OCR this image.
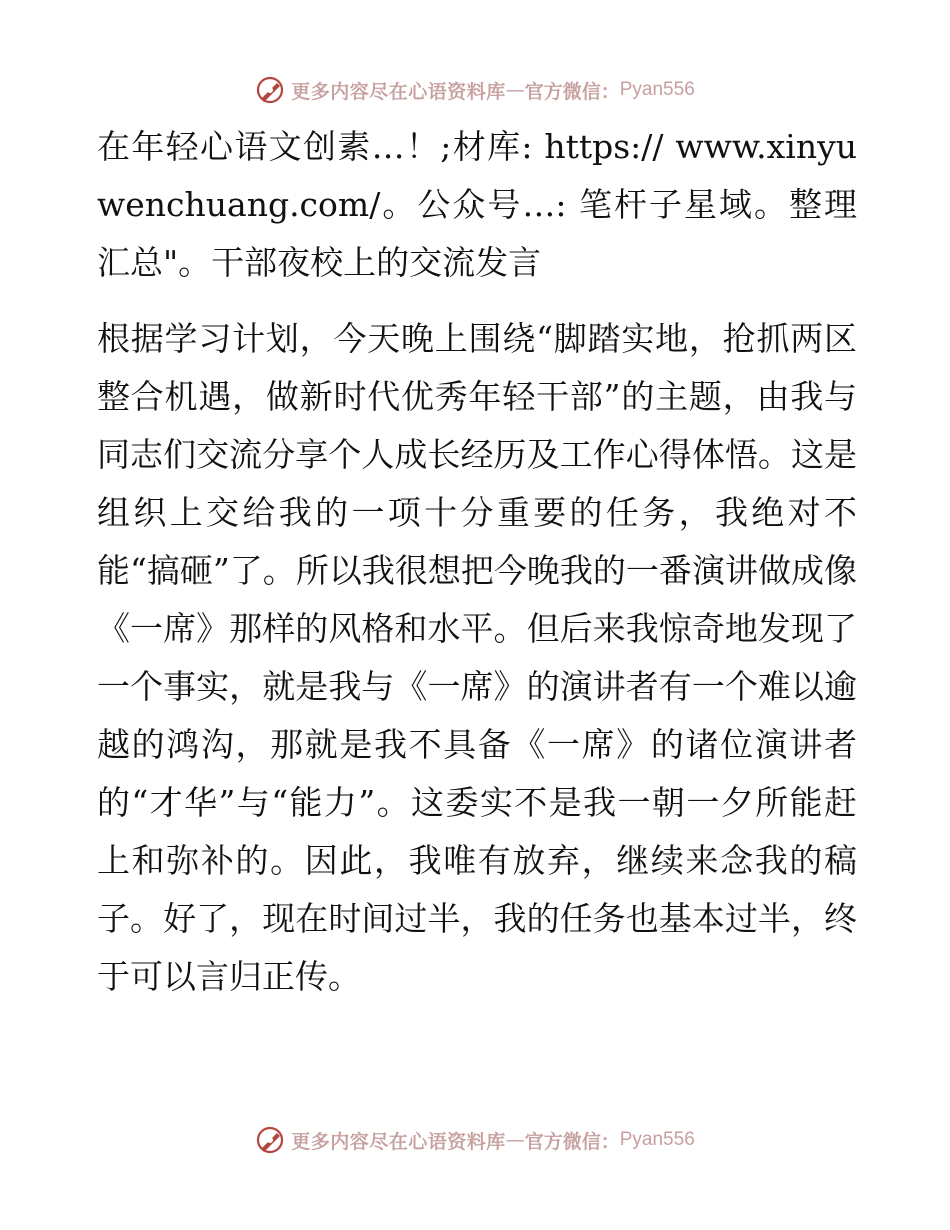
更多内容尽在心语资料库 — 官方微信： Pyan556
在年轻心语文创素…！;材库: https:// www.xinyuwenchuang.com/。公众号…: 笔杆子星域。整理汇总"。干部夜校上的交流发言
根据学习计划，今天晚上围绕“脚踏实地，抢抓两区整合机遇，做新时代优秀年轻干部”的主题，由我与同志们交流分享个人成长经历及工作心得体悟。这是组织上交给我的一项十分重要的任务，我绝对不能“搞砸”了。所以我很想把今晚我的一番演讲做成像《一席》那样的风格和水平。但后来我惊奇地发现了一个事实，就是我与《一席》的演讲者有一个难以逾越的鸿沟，那就是我不具备《一席》的诸位演讲者的“才华”与“能力”。这委实不是我一朝一夕所能赶上和弥补的。因此，我唯有放弃，继续来念我的稿子。好了，现在时间过半，我的任务也基本过半，终于可以言归正传。
更多内容尽在心语资料库 — 官方微信： Pyan556
